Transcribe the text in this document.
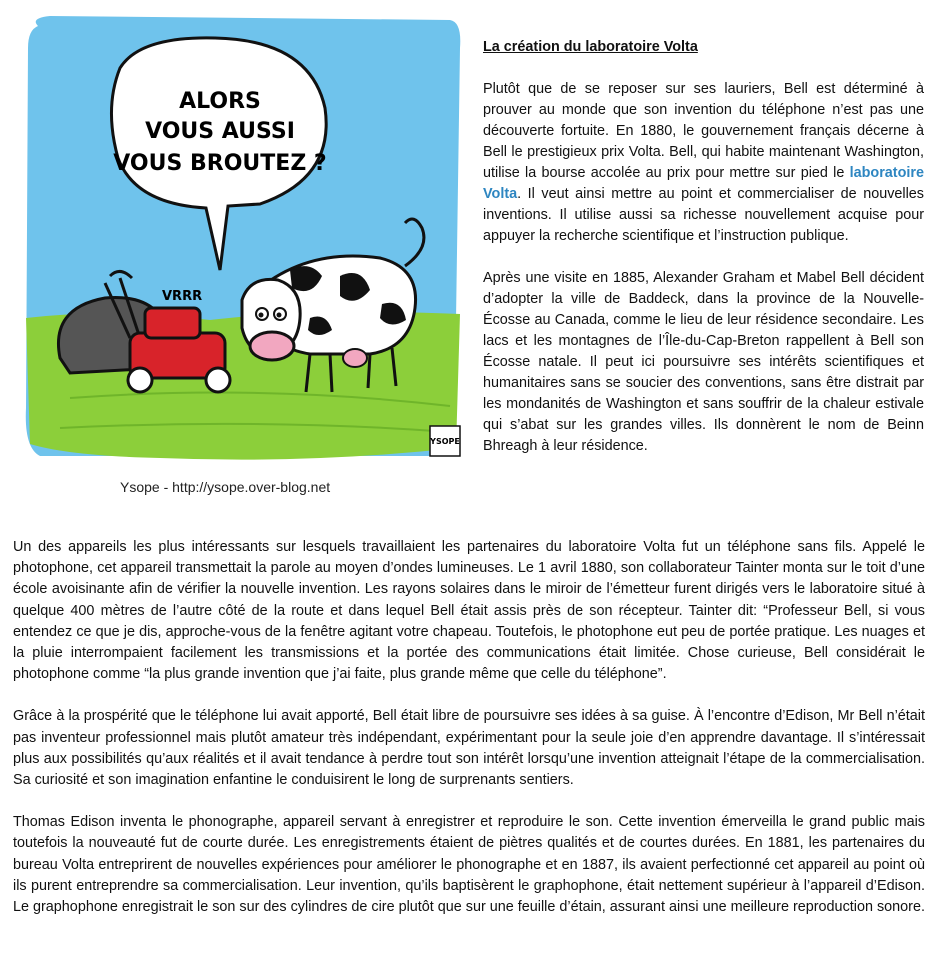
ALORS
VOUS AUSSI
VOUS BROUTEZ ?
VRRR
YSOPE
Ysope - http://ysope.over-blog.net
La création du laboratoire Volta

Plutôt que de se reposer sur ses lauriers, Bell est déterminé à prouver au monde que son invention du téléphone n’est pas une découverte fortuite. En 1880, le gouvernement français décerne à Bell le prestigieux prix Volta. Bell, qui habite maintenant Washington, utilise la bourse accolée au prix pour mettre sur pied le laboratoire Volta. Il veut ainsi mettre au point et commercialiser de nouvelles inventions. Il utilise aussi sa richesse nouvellement acquise pour appuyer la recherche scientifique et l’instruction publique.

Après une visite en 1885, Alexander Graham et Mabel Bell décident d’adopter la ville de Baddeck, dans la province de la Nouvelle-Écosse au Canada, comme le lieu de leur résidence secondaire. Les lacs et les montagnes de l’Île-du-Cap-Breton rappellent à Bell son Écosse natale. Il peut ici poursuivre ses intérêts scientifiques et humanitaires sans se soucier des conventions, sans être distrait par les mondanités de Washington et sans souffrir de la chaleur estivale qui s’abat sur les grandes villes. Ils donnèrent le nom de Beinn Bhreagh à leur résidence.

Un des appareils les plus intéressants sur lesquels travaillaient les partenaires du laboratoire Volta fut un téléphone sans fils. Appelé le photophone, cet appareil transmettait la parole au moyen d’ondes lumineuses. Le 1 avril 1880, son collaborateur Tainter monta sur le toit d’une école avoisinante afin de vérifier la nouvelle invention. Les rayons solaires dans le miroir de l’émetteur furent dirigés vers le laboratoire situé à quelque 400 mètres de l’autre côté de la route et dans lequel Bell était assis près de son récepteur. Tainter dit: “Professeur Bell, si vous entendez ce que je dis, approche-vous de la fenêtre agitant votre chapeau. Toutefois, le photophone eut peu de portée pratique. Les nuages et la pluie interrompaient facilement les transmissions et la portée des communications était limitée. Chose curieuse, Bell considérait le photophone comme “la plus grande invention que j’ai faite, plus grande même que celle du téléphone”.

Grâce à la prospérité que le téléphone lui avait apporté, Bell était libre de poursuivre ses idées à sa guise. À l’encontre d’Edison, Mr Bell n’était pas inventeur professionnel mais plutôt amateur très indépendant, expérimentant pour la seule joie d’en apprendre davantage. Il s’intéressait plus aux possibilités qu’aux réalités et il avait tendance à perdre tout son intérêt lorsqu’une invention atteignait l’étape de la commercialisation. Sa curiosité et son imagination enfantine le conduisirent le long de surprenants sentiers.

Thomas Edison inventa le phonographe, appareil servant à enregistrer et reproduire le son. Cette invention émerveilla le grand public mais toutefois la nouveauté fut de courte durée. Les enregistrements étaient de piètres qualités et de courtes durées. En 1881, les partenaires du bureau Volta entreprirent de nouvelles expériences pour améliorer le phonographe et en 1887, ils avaient perfectionné cet appareil au point où ils purent entreprendre sa commercialisation. Leur invention, qu’ils baptisèrent le graphophone, était nettement supérieur à l’appareil d’Edison. Le graphophone enregistrait le son sur des cylindres de cire plutôt que sur une feuille d’étain, assurant ainsi une meilleure reproduction sonore.
